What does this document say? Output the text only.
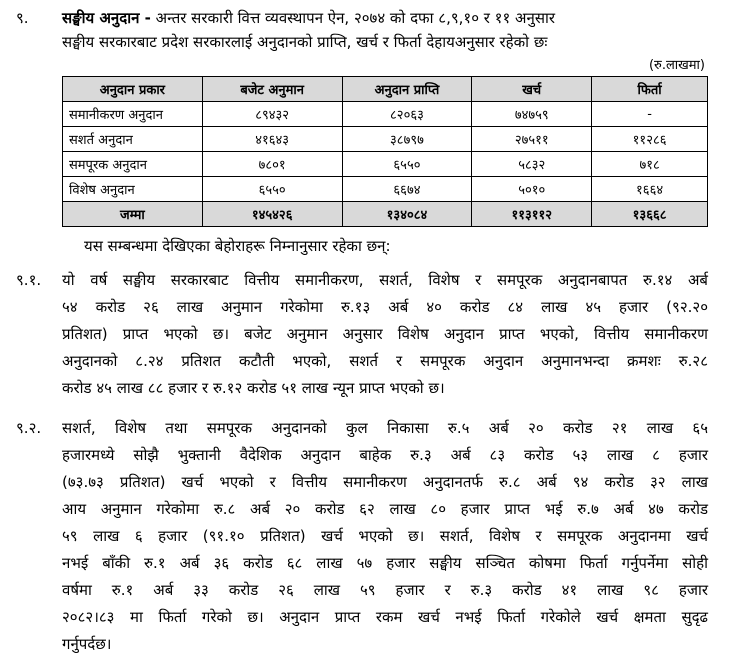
९. सङ्घीय अनुदान - अन्तर सरकारी वित्त व्यवस्थापन ऐन, २०७४ को दफा ८,९,१० र ११ अनुसार
सङ्घीय सरकारबाट प्रदेश सरकारलाई अनुदानको प्राप्ति, खर्च र फिर्ता देहायअनुसार रहेको छः
(रु.लाखमा)
अनुदान प्रकार	बजेट अनुमान	अनुदान प्राप्ति	खर्च	फिर्ता
समानीकरण अनुदान	८९४३२	८२०६३	७४७५९	-
सशर्त अनुदान	४१६४३	३८७९७	२७५११	११२८६
समपूरक अनुदान	७८०१	६५५०	५८३२	७१८
विशेष अनुदान	६५५०	६६७४	५०१०	१६६४
जम्मा	१४५४२६	१३४०८४	११३११२	१३६६८
यस सम्बन्धमा देखिएका बेहोराहरू निम्नानुसार रहेका छन्:
९.१. यो वर्ष सङ्घीय सरकारबाट वित्तीय समानीकरण, सशर्त, विशेष र समपूरक अनुदानबापत रु.१४ अर्ब
५४ करोड २६ लाख अनुमान गरेकोमा रु.१३ अर्ब ४० करोड ८४ लाख ४५ हजार (९२.२०
प्रतिशत) प्राप्त भएको छ। बजेट अनुमान अनुसार विशेष अनुदान प्राप्त भएको, वित्तीय समानीकरण
अनुदानको ८.२४ प्रतिशत कटौती भएको, सशर्त र समपूरक अनुदान अनुमानभन्दा क्रमशः रु.२८
करोड ४५ लाख ८८ हजार र रु.१२ करोड ५१ लाख न्यून प्राप्त भएको छ।
९.२. सशर्त, विशेष तथा समपूरक अनुदानको कुल निकासा रु.५ अर्ब २० करोड २१ लाख ६५
हजारमध्ये सोझै भुक्तानी वैदेशिक अनुदान बाहेक रु.३ अर्ब ८३ करोड ५३ लाख ८ हजार
(७३.७३ प्रतिशत) खर्च भएको र वित्तीय समानीकरण अनुदानतर्फ रु.८ अर्ब ९४ करोड ३२ लाख
आय अनुमान गरेकोमा रु.८ अर्ब २० करोड ६२ लाख ८० हजार प्राप्त भई रु.७ अर्ब ४७ करोड
५९ लाख ६ हजार (९१.१० प्रतिशत) खर्च भएको छ। सशर्त, विशेष र समपूरक अनुदानमा खर्च
नभई बाँकी रु.१ अर्ब ३६ करोड ६८ लाख ५७ हजार सङ्घीय सञ्चित कोषमा फिर्ता गर्नुपर्नेमा सोही
वर्षमा रु.१ अर्ब ३३ करोड २६ लाख ५९ हजार र रु.३ करोड ४१ लाख ९८ हजार
२०८२।८३ मा फिर्ता गरेको छ। अनुदान प्राप्त रकम खर्च नभई फिर्ता गरेकोले खर्च क्षमता सुदृढ
गर्नुपर्दछ।
